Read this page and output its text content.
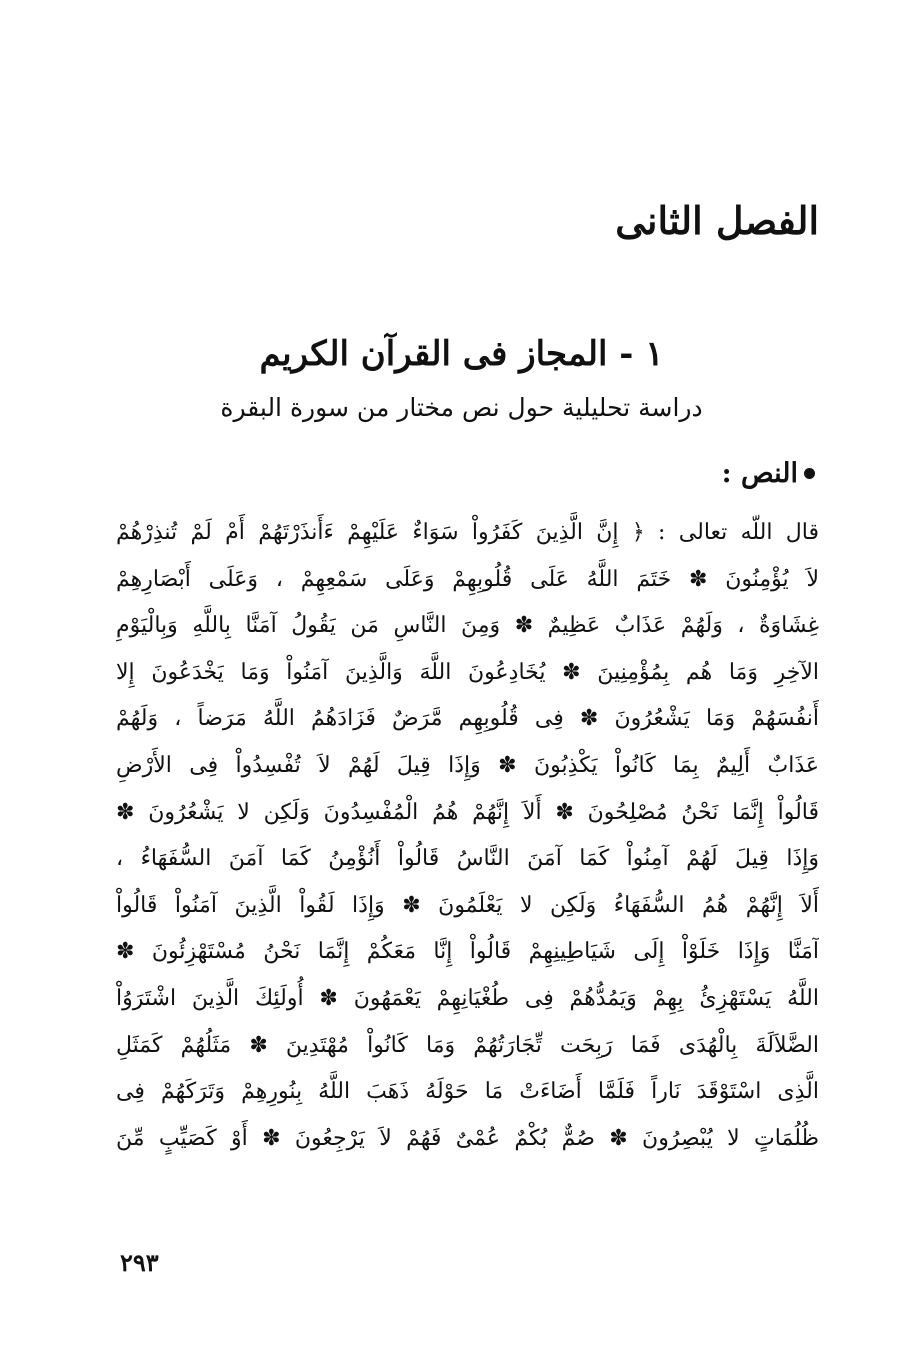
الفصل الثانى
١ - المجاز فى القرآن الكريم

دراسة تحليلية حول نص مختار من سورة البقرة

النص :
قال اللّه تعالى : ﴿ إِنَّ الَّذِينَ كَفَرُواْ سَوَاءٌ عَلَيْهِمْ ءَأَنذَرْتَهُمْ أَمْ لَمْ تُنذِرْهُمْ
لاَ يُؤْمِنُونَ ✽ خَتَمَ اللَّهُ عَلَى قُلُوبِهِمْ وَعَلَى سَمْعِهِمْ ، وَعَلَى أَبْصَارِهِمْ
غِشَاوَةٌ ، وَلَهُمْ عَذَابٌ عَظِيمٌ ✽ وَمِنَ النَّاسِ مَن يَقُولُ آمَنَّا بِاللَّهِ وَبِالْيَوْمِ
الآخِرِ وَمَا هُم بِمُؤْمِنِينَ ✽ يُخَادِعُونَ اللَّهَ وَالَّذِينَ آمَنُواْ وَمَا يَخْدَعُونَ إِلا
أَنفُسَهُمْ وَمَا يَشْعُرُونَ ✽ فِى قُلُوبِهِم مَّرَضٌ فَزَادَهُمُ اللَّهُ مَرَضاً ، وَلَهُمْ
عَذَابٌ أَلِيمٌ بِمَا كَانُواْ يَكْذِبُونَ ✽ وَإِذَا قِيلَ لَهُمْ لاَ تُفْسِدُواْ فِى الأَرْضِ
قَالُواْ إِنَّمَا نَحْنُ مُصْلِحُونَ ✽ أَلاَ إِنَّهُمْ هُمُ الْمُفْسِدُونَ وَلَكِن لا يَشْعُرُونَ ✽
وَإِذَا قِيلَ لَهُمْ آمِنُواْ كَمَا آمَنَ النَّاسُ قَالُواْ أَنُؤْمِنُ كَمَا آمَنَ السُّفَهَاءُ ،
أَلاَ إِنَّهُمْ هُمُ السُّفَهَاءُ وَلَكِن لا يَعْلَمُونَ ✽ وَإِذَا لَقُواْ الَّذِينَ آمَنُواْ قَالُواْ
آمَنَّا وَإِذَا خَلَوْاْ إِلَى شَيَاطِينِهِمْ قَالُواْ إِنَّا مَعَكُمْ إِنَّمَا نَحْنُ مُسْتَهْزِئُونَ ✽
اللَّهُ يَسْتَهْزِئُ بِهِمْ وَيَمُدُّهُمْ فِى طُغْيَانِهِمْ يَعْمَهُونَ ✽ أُولَئِكَ الَّذِينَ اشْتَرَوُاْ
الضَّلاَلَةَ بِالْهُدَى فَمَا رَبِحَت تِّجَارَتُهُمْ وَمَا كَانُواْ مُهْتَدِينَ ✽ مَثَلُهُمْ كَمَثَلِ
الَّذِى اسْتَوْقَدَ نَاراً فَلَمَّا أَضَاءَتْ مَا حَوْلَهُ ذَهَبَ اللَّهُ بِنُورِهِمْ وَتَرَكَهُمْ فِى
ظُلُمَاتٍ لا يُبْصِرُونَ ✽ صُمٌّ بُكْمٌ عُمْىٌ فَهُمْ لاَ يَرْجِعُونَ ✽ أَوْ كَصَيِّبٍ مِّنَ
٢٩٣
